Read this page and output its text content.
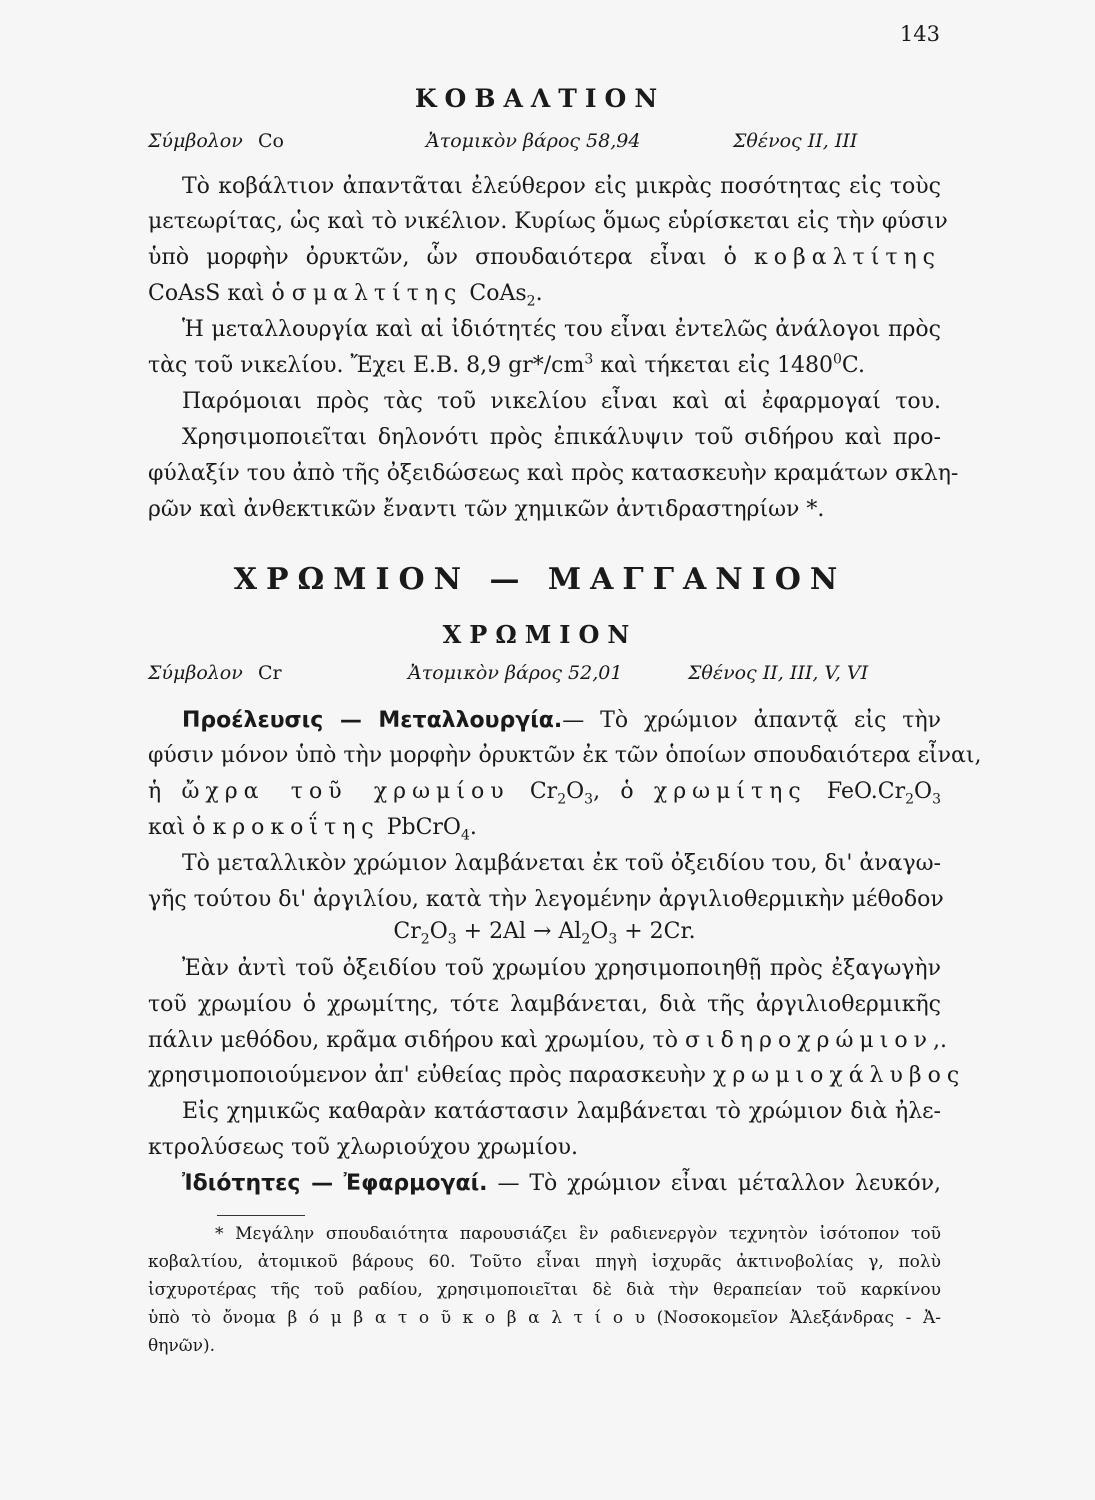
143
ΚΟΒΑΛΤΙΟΝ
Σύμβολον Co	Ἀτομικὸν βάρος 58,94	Σθένος II, III
Τὸ κοβάλτιον ἀπαντᾶται ἐλεύθερον εἰς μικρὰς ποσότητας εἰς τοὺς
μετεωρίτας, ὡς καὶ τὸ νικέλιον. Κυρίως ὅμως εὑρίσκεται εἰς τὴν φύσιν
ὑπὸ μορφὴν ὀρυκτῶν, ὧν σπουδαιότερα εἶναι ὁ κοβαλτίτης
CoAsS καὶ ὁ σμαλτίτης CoAs$_2$.
Ἡ μεταλλουργία καὶ αἱ ἰδιότητές του εἶναι ἐντελῶς ἀνάλογοι πρὸς
τὰς τοῦ νικελίου. Ἔχει Ε.Β. 8,9 $gr*/cm^3$ καὶ τήκεται εἰς 1480$^0$C.
Παρόμοιαι πρὸς τὰς τοῦ νικελίου εἶναι καὶ αἱ ἐφαρμογαί του.
Χρησιμοποιεῖται δηλονότι πρὸς ἐπικάλυψιν τοῦ σιδήρου καὶ προ-
φύλαξίν του ἀπὸ τῆς ὀξειδώσεως καὶ πρὸς κατασκευὴν κραμάτων σκλη-
ρῶν καὶ ἀνθεκτικῶν ἔναντι τῶν χημικῶν ἀντιδραστηρίων *.
ΧΡΩΜΙΟΝ — ΜΑΓΓΑΝΙΟΝ
ΧΡΩΜΙΟΝ
Σύμβολον Cr	Ἀτομικὸν βάρος 52,01	Σθένος II, III, V, VI
Προέλευσις — Μεταλλουργία.— Τὸ χρώμιον ἀπαντᾷ εἰς τὴν
φύσιν μόνον ὑπὸ τὴν μορφὴν ὀρυκτῶν ἐκ τῶν ὁποίων σπουδαιότερα εἶναι,
ἡ ὤχρα τοῦ χρωμίου $Cr_2O_3$, ὁ χρωμίτης $FeO.Cr_2O_3$
καὶ ὁ κροκοΐτης PbCrO$_4$.
Τὸ μεταλλικὸν χρώμιον λαμβάνεται ἐκ τοῦ ὀξειδίου του, δι' ἀναγω-
γῆς τούτου δι' ἀργιλίου, κατὰ τὴν λεγομένην ἀργιλιοθερμικὴν μέθοδον
$Cr_2O_3 + 2Al \to Al_2O_3 + 2Cr$.
Ἐὰν ἀντὶ τοῦ ὀξειδίου τοῦ χρωμίου χρησιμοποιηθῇ πρὸς ἐξαγωγὴν
τοῦ χρωμίου ὁ χρωμίτης, τότε λαμβάνεται, διὰ τῆς ἀργιλιοθερμικῆς
πάλιν μεθόδου, κρᾶμα σιδήρου καὶ χρωμίου, τὸ σιδηροχρώμιον,.
χρησιμοποιούμενον ἀπ' εὐθείας πρὸς παρασκευὴν χρωμιοχάλυβος
Εἰς χημικῶς καθαρὰν κατάστασιν λαμβάνεται τὸ χρώμιον διὰ ἠλε-
κτρολύσεως τοῦ χλωριούχου χρωμίου.
Ἰδιότητες — Ἐφαρμογαί. — Τὸ χρώμιον εἶναι μέταλλον λευκόν,
* Μεγάλην σπουδαιότητα παρουσιάζει ἓν ραδιενεργὸν τεχνητὸν ἰσότοπον τοῦ
κοβαλτίου, ἀτομικοῦ βάρους 60. Τοῦτο εἶναι πηγὴ ἰσχυρᾶς ἀκτινοβολίας γ, πολὺ
ἰσχυροτέρας τῆς τοῦ ραδίου, χρησιμοποιεῖται δὲ διὰ τὴν θεραπείαν τοῦ καρκίνου
ὑπὸ τὸ ὄνομα β ό μ β α τ ο ῦ κ ο β α λ τ ί ο υ (Νοσοκομεῖον Ἀλεξάνδρας - Ἀ-
θηνῶν).
